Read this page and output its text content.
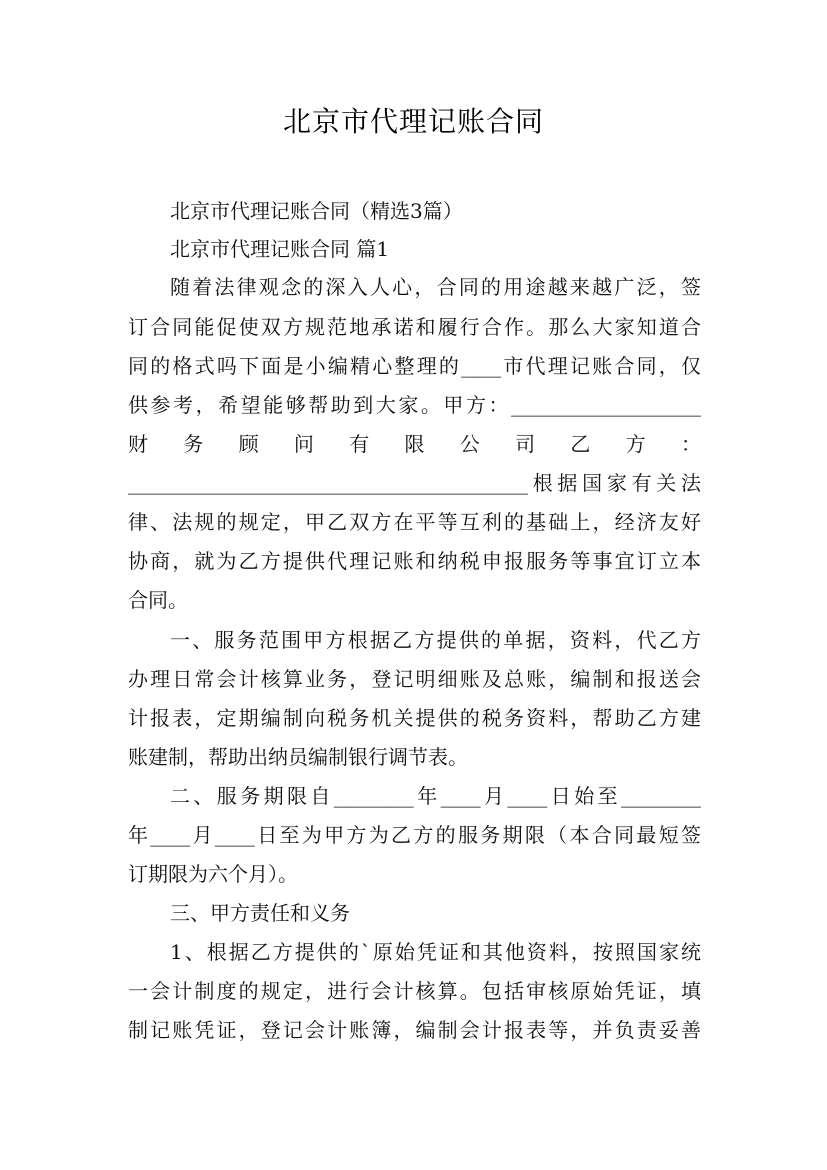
北京市代理记账合同
北京市代理记账合同（精选3篇）
北京市代理记账合同 篇1
随着法律观念的深入人心，合同的用途越来越广泛，签
订合同能促使双方规范地承诺和履行合作。那么大家知道合
同的格式吗下面是小编精心整理的____市代理记账合同，仅
供参考，希望能够帮助到大家。甲方：___________________
财 务 顾 问 有 限 公 司 乙 方 ：
________________________________________根据国家有关法
律、法规的规定，甲乙双方在平等互利的基础上，经济友好
协商，就为乙方提供代理记账和纳税申报服务等事宜订立本
合同。
一、服务范围甲方根据乙方提供的单据，资料，代乙方
办理日常会计核算业务，登记明细账及总账，编制和报送会
计报表，定期编制向税务机关提供的税务资料，帮助乙方建
账建制，帮助出纳员编制银行调节表。
二、服务期限自________年____月____日始至________
年____月____日至为甲方为乙方的服务期限（本合同最短签
订期限为六个月）。
三、甲方责任和义务
1、根据乙方提供的`原始凭证和其他资料，按照国家统
一会计制度的规定，进行会计核算。包括审核原始凭证，填
制记账凭证，登记会计账簿，编制会计报表等，并负责妥善
